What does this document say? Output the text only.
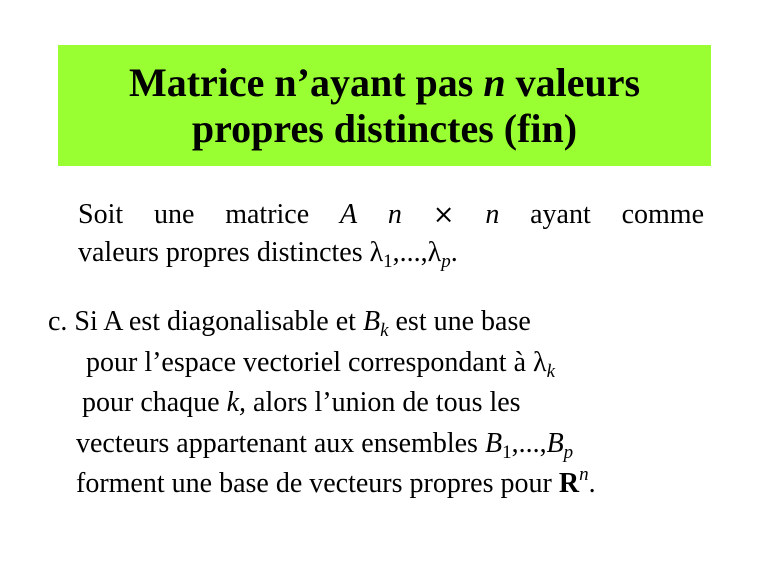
Matrice n’ayant pas n valeurs
propres distinctes (fin)
Soit une matrice A n × n ayant comme
valeurs propres distinctes $\lambda_1,...,\lambda_p$.
c. Si A est diagonalisable et $B_k$ est une base
pour l’espace vectoriel correspondant à $\lambda_k$
pour chaque k, alors l’union de tous les
vecteurs appartenant aux ensembles $B_1,...,B_p$
forment une base de vecteurs propres pour $R^n$.
